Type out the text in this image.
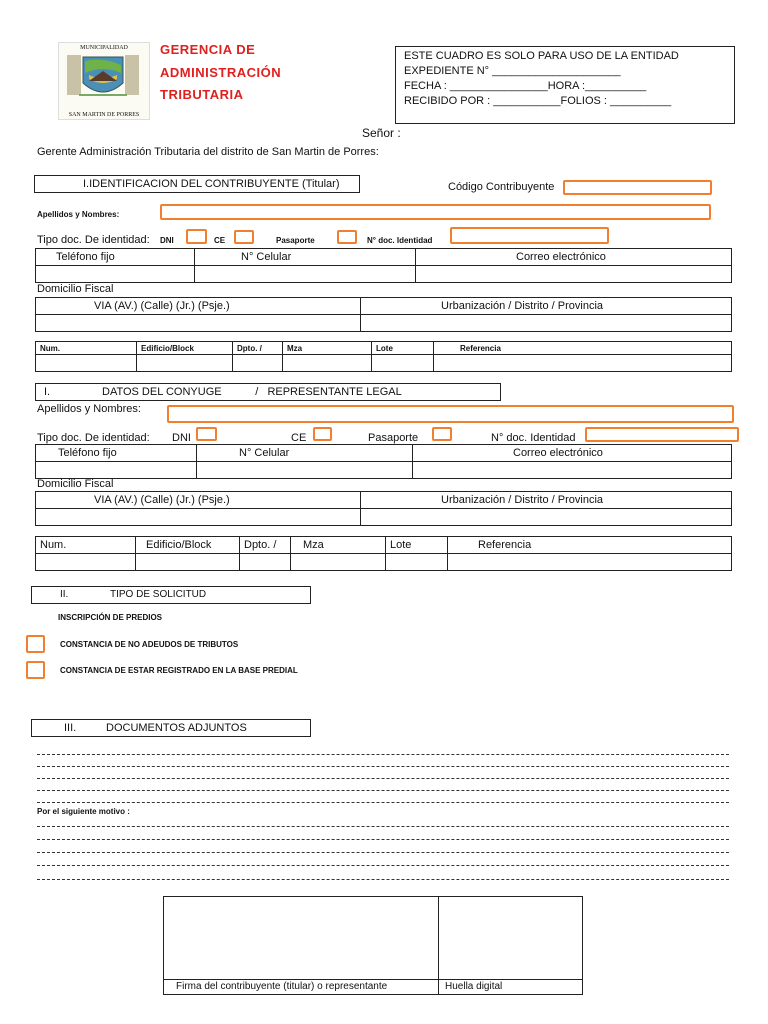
MUNICIPALIDAD
SAN MARTIN DE PORRES
GERENCIA DE
ADMINISTRACIÓN
TRIBUTARIA
ESTE CUADRO ES SOLO PARA USO DE LA ENTIDAD
EXPEDIENTE N° _____________________
FECHA : ________________HORA :__________
RECIBIDO POR : ___________FOLIOS : __________
Señor :
Gerente Administración Tributaria del distrito de San Martin de Porres:
I.IDENTIFICACION DEL CONTRIBUYENTE (Titular)	Código Contribuyente
Apellidos y Nombres:
Tipo doc. De identidad: DNI	CE	Pasaporte	N° doc. Identidad
Teléfono fijo	N° Celular	Correo electrónico

Domicilio Fiscal
VIA (AV.) (Calle) (Jr.) (Psje.)	Urbanización / Distrito / Provincia

Num.	Edificio/Block	Dpto. /	Mza	Lote	Referencia

I.	DATOS DEL CONYUGE           /   REPRESENTANTE LEGAL
Apellidos y Nombres:
Tipo doc. De identidad: DNI	CE	Pasaporte	N° doc. Identidad
Teléfono fijo	N° Celular	Correo electrónico

Domicilio Fiscal
VIA (AV.) (Calle) (Jr.) (Psje.)	Urbanización / Distrito / Provincia

Num.	Edificio/Block	Dpto. /	Mza	Lote	Referencia

II.	TIPO DE SOLICITUD
INSCRIPCIÓN DE PREDIOS
CONSTANCIA DE NO ADEUDOS DE TRIBUTOS
CONSTANCIA DE ESTAR REGISTRADO EN LA BASE PREDIAL
III.	DOCUMENTOS ADJUNTOS
Por el siguiente motivo :
Firma del contribuyente (titular) o representante	Huella digital
